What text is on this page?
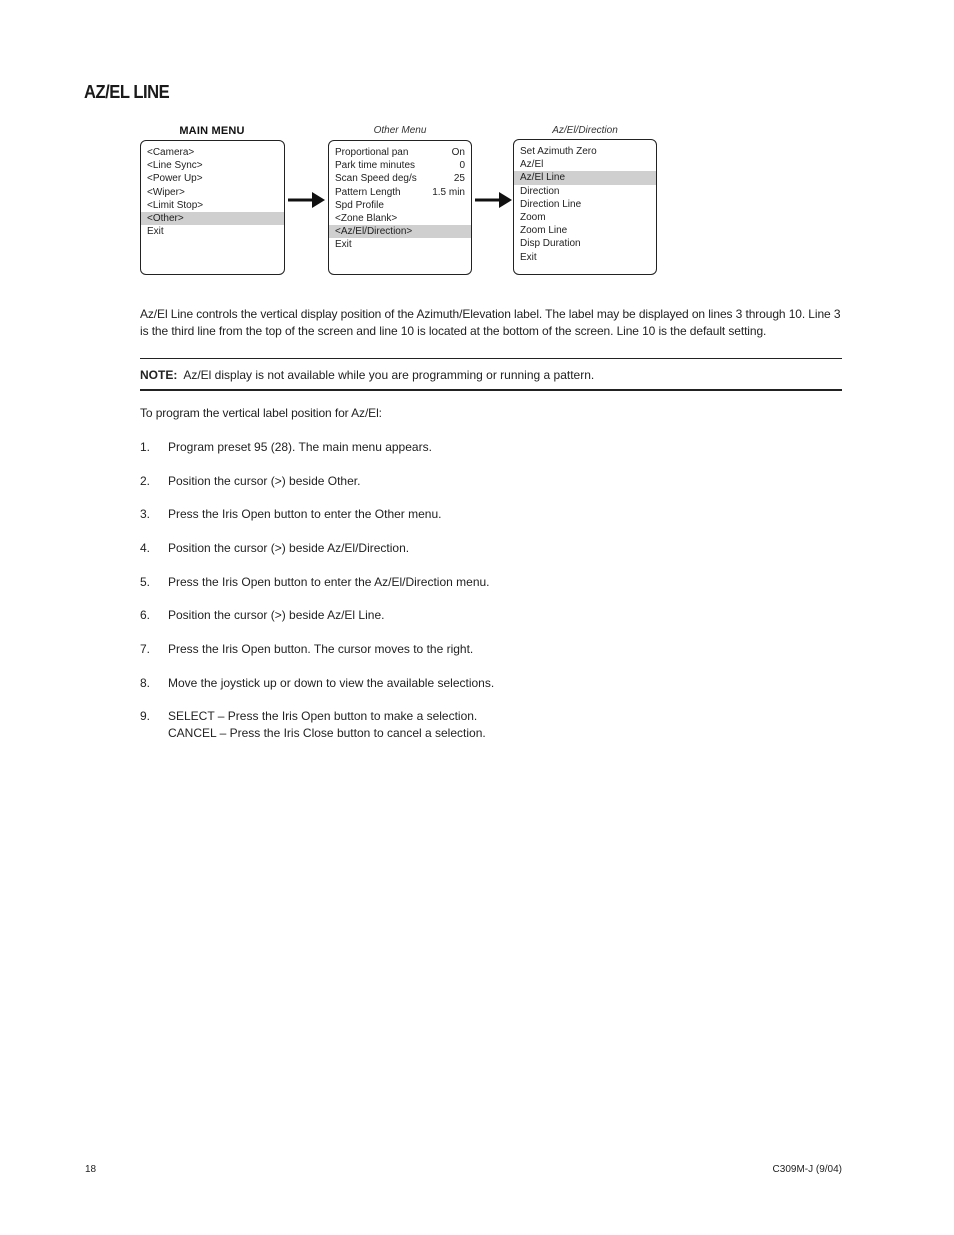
AZ/EL LINE
MAIN MENU
<Camera>
<Line Sync>
<Power Up>
<Wiper>
<Limit Stop>
<Other>
Exit
Other Menu
Proportional pan	On
Park time minutes	0
Scan Speed deg/s	25
Pattern Length	1.5 min
Spd Profile
<Zone Blank>
<Az/El/Direction>
Exit
Az/El/Direction
Set Azimuth Zero
Az/El
Az/El Line
Direction
Direction Line
Zoom
Zoom Line
Disp Duration
Exit

Az/El Line controls the vertical display position of the Azimuth/Elevation label. The label may be displayed on lines 3 through 10. Line 3 is the third line from the top of the screen and line 10 is located at the bottom of the screen. Line 10 is the default setting.

NOTE: Az/El display is not available while you are programming or running a pattern.
To program the vertical label position for Az/El:
1.	Program preset 95 (28). The main menu appears.
2.	Position the cursor (>) beside Other.
3.	Press the Iris Open button to enter the Other menu.
4.	Position the cursor (>) beside Az/El/Direction.
5.	Press the Iris Open button to enter the Az/El/Direction menu.
6.	Position the cursor (>) beside Az/El Line.
7.	Press the Iris Open button. The cursor moves to the right.
8.	Move the joystick up or down to view the available selections.
9.	SELECT – Press the Iris Open button to make a selection.
CANCEL – Press the Iris Close button to cancel a selection.
18	C309M-J (9/04)
